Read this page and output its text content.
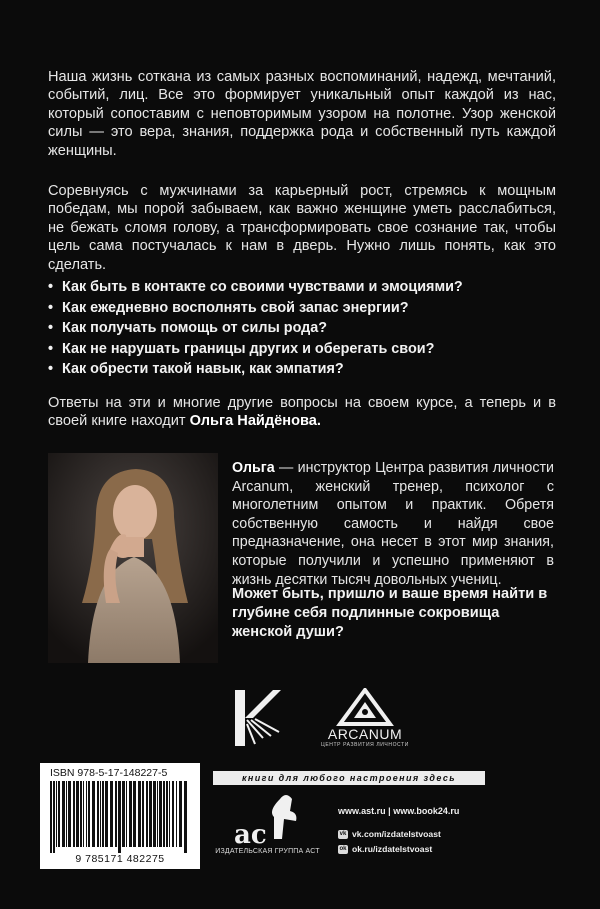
Наша жизнь соткана из самых разных воспоминаний, надежд, мечтаний, событий, лиц. Все это формирует уникальный опыт каждой из нас, который сопоставим с неповторимым узором на полотне. Узор женской силы — это вера, знания, поддержка рода и собственный путь каждой женщины.
Соревнуясь с мужчинами за карьерный рост, стремясь к мощным победам, мы порой забываем, как важно женщине уметь расслабиться, не бежать сломя голову, а трансформировать свое сознание так, чтобы цель сама постучалась к нам в дверь. Нужно лишь понять, как это сделать.
• Как быть в контакте со своими чувствами и эмоциями?
• Как ежедневно восполнять свой запас энергии?
• Как получать помощь от силы рода?
• Как не нарушать границы других и оберегать свои?
• Как обрести такой навык, как эмпатия?
Ответы на эти и многие другие вопросы на своем курсе, а теперь и в своей книге находит Ольга Найдёнова.
Ольга — инструктор Центра развития личности Arcanum, женский тренер, психолог с многолетним опытом и практик. Обретя собственную самость и найдя свое предназначение, она несет в этот мир знания, которые получили и успешно применяют в жизнь десятки тысяч довольных учениц.
Может быть, пришло и ваше время найти в глубине себя подлинные сокровища женской души?
ARCANUM
ЦЕНТР РАЗВИТИЯ ЛИЧНОСТИ
ISBN 978-5-17-148227-5
9 785171 482275
книги для любого настроения здесь
ac
ИЗДАТЕЛЬСКАЯ ГРУППА АСТ
www.ast.ru | www.book24.ru
vk vk.com/izdatelstvoast
ok ok.ru/izdatelstvoast
